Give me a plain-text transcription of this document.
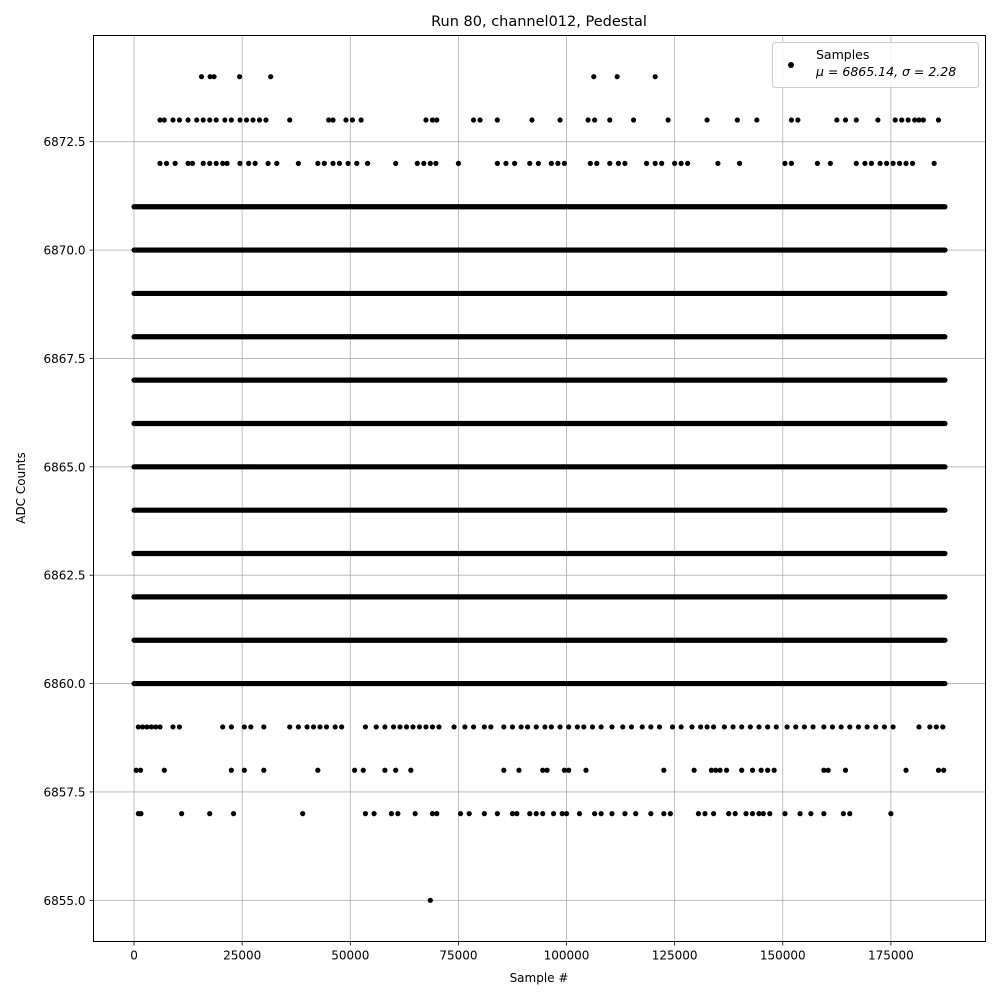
0	25000	50000	75000	100000	125000	150000	175000
6855.0
6857.5
6860.0
6862.5
6865.0
6867.5
6870.0
6872.5
Run 80, channel012, Pedestal
Sample #
ADC Counts
Samples
μ = 6865.14, σ = 2.28
